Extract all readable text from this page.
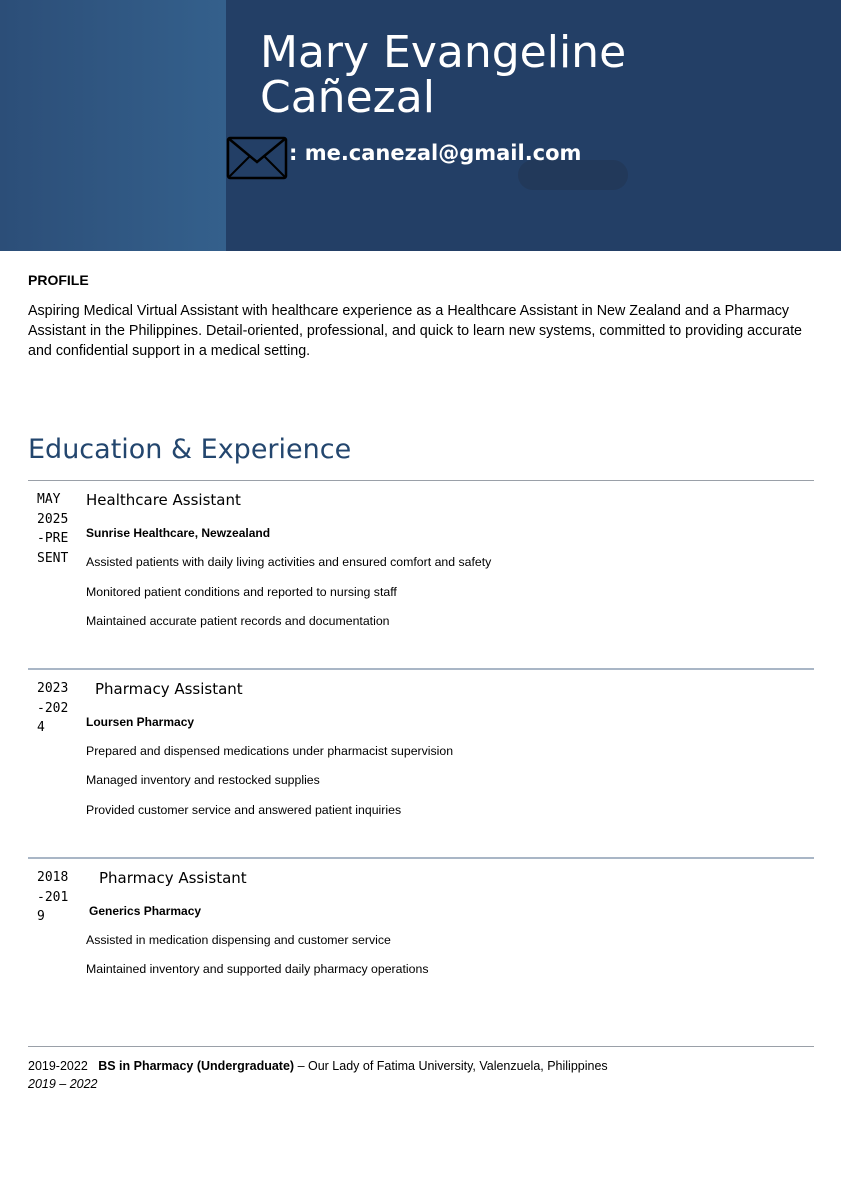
Mary Evangeline
Cañezal
: me.canezal@gmail.com
PROFILE
Aspiring Medical Virtual Assistant with healthcare experience as a Healthcare Assistant in New Zealand and a Pharmacy Assistant in the Philippines. Detail-oriented, professional, and quick to learn new systems, committed to providing accurate and confidential support in a medical setting.
Education & Experience
MAY 2025-PRESENT
Healthcare Assistant
Sunrise Healthcare, Newzealand
Assisted patients with daily living activities and ensured comfort and safety
Monitored patient conditions and reported to nursing staff
Maintained accurate patient records and documentation
2023-2024
Pharmacy Assistant
Loursen Pharmacy
Prepared and dispensed medications under pharmacist supervision
Managed inventory and restocked supplies
Provided customer service and answered patient inquiries
2018-2019
Pharmacy Assistant
Generics Pharmacy
Assisted in medication dispensing and customer service
Maintained inventory and supported daily pharmacy operations
2019-2022 BS in Pharmacy (Undergraduate) – Our Lady of Fatima University, Valenzuela, Philippines
2019 – 2022
